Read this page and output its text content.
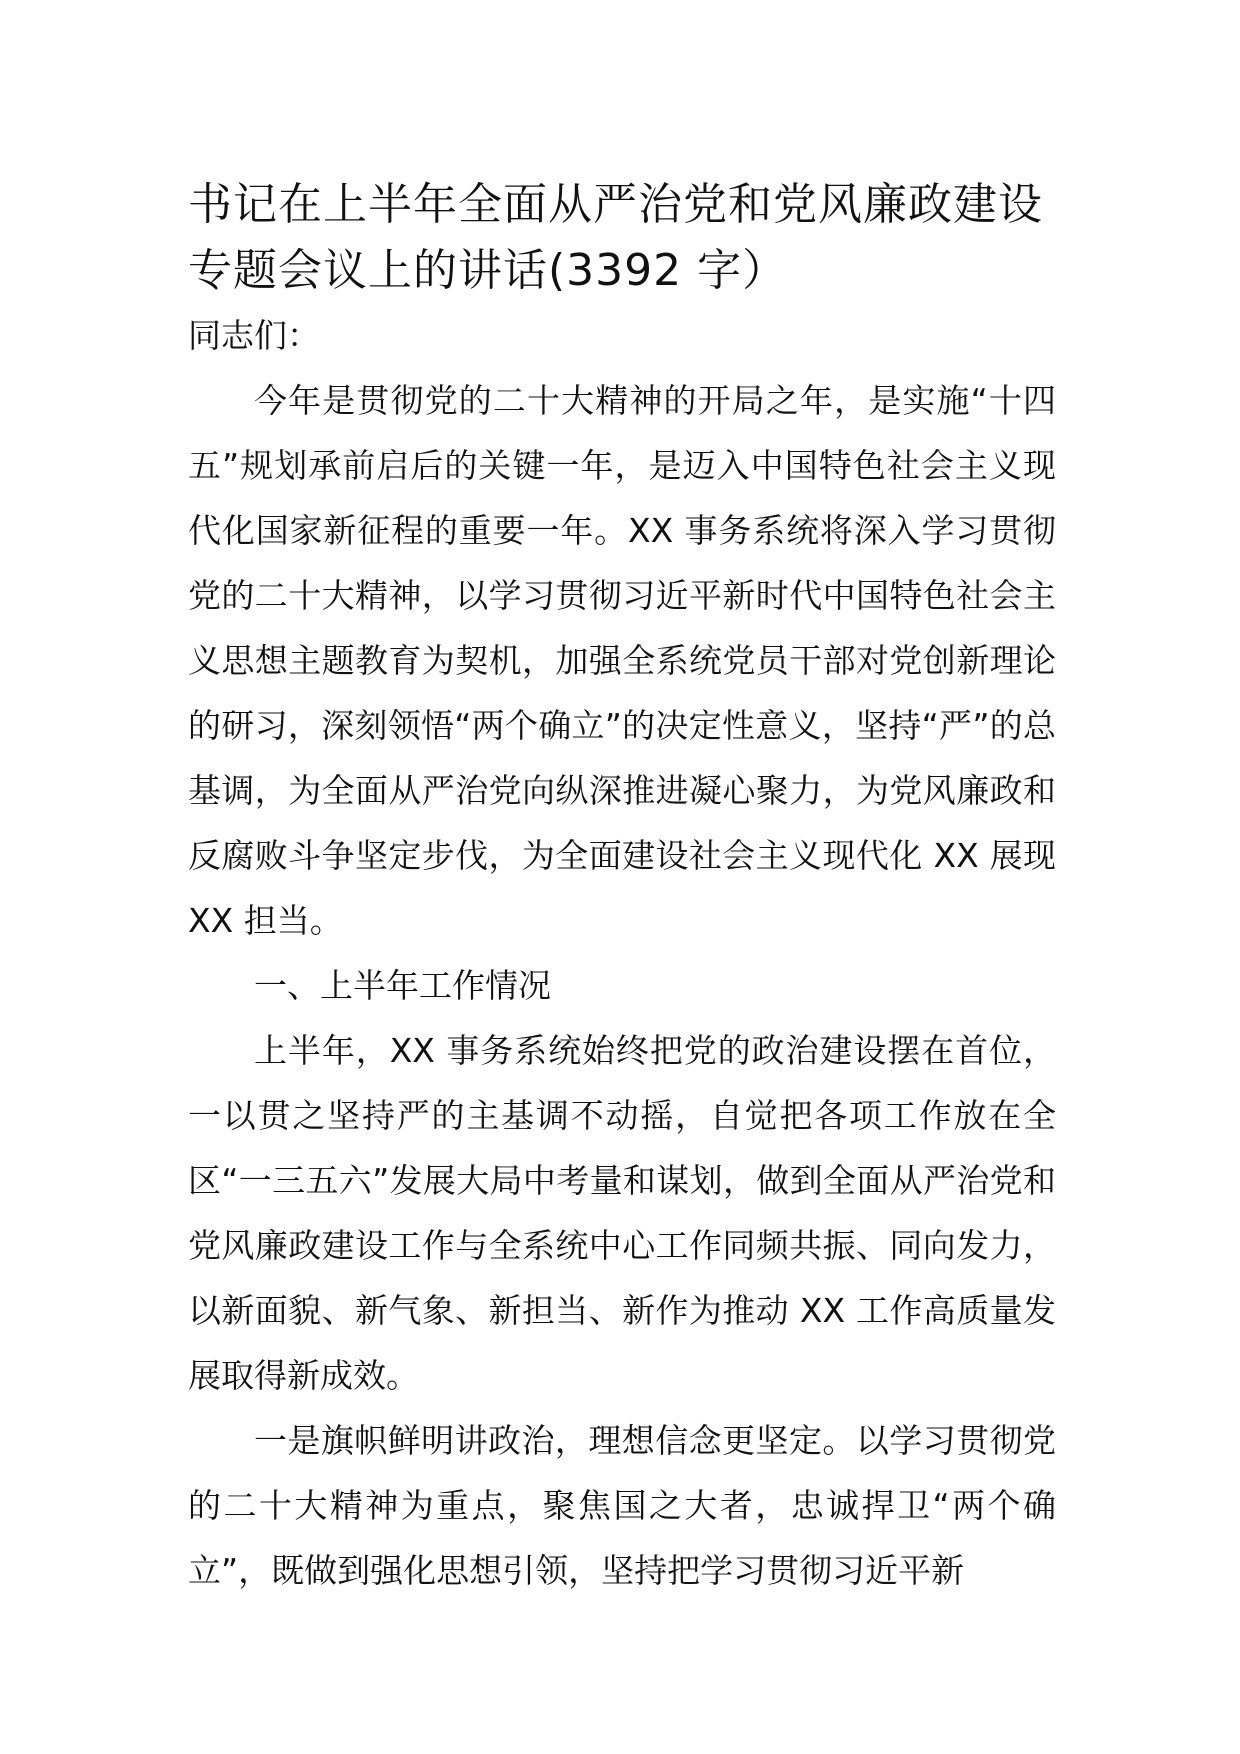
书记在上半年全面从严治党和党风廉政建设专题会议上的讲话(3392 字）

同志们：

今年是贯彻党的二十大精神的开局之年，是实施“十四五”规划承前启后的关键一年，是迈入中国特色社会主义现代化国家新征程的重要一年。XX 事务系统将深入学习贯彻党的二十大精神，以学习贯彻习近平新时代中国特色社会主义思想主题教育为契机，加强全系统党员干部对党创新理论的研习，深刻领悟“两个确立”的决定性意义，坚持“严”的总基调，为全面从严治党向纵深推进凝心聚力，为党风廉政和反腐败斗争坚定步伐，为全面建设社会主义现代化 XX 展现 XX 担当。

一、上半年工作情况

上半年，XX 事务系统始终把党的政治建设摆在首位，一以贯之坚持严的主基调不动摇，自觉把各项工作放在全区“一三五六”发展大局中考量和谋划，做到全面从严治党和党风廉政建设工作与全系统中心工作同频共振、同向发力，以新面貌、新气象、新担当、新作为推动 XX 工作高质量发展取得新成效。

一是旗帜鲜明讲政治，理想信念更坚定。以学习贯彻党的二十大精神为重点，聚焦国之大者，忠诚捍卫“两个确立”，既做到强化思想引领，坚持把学习贯彻习近平新
